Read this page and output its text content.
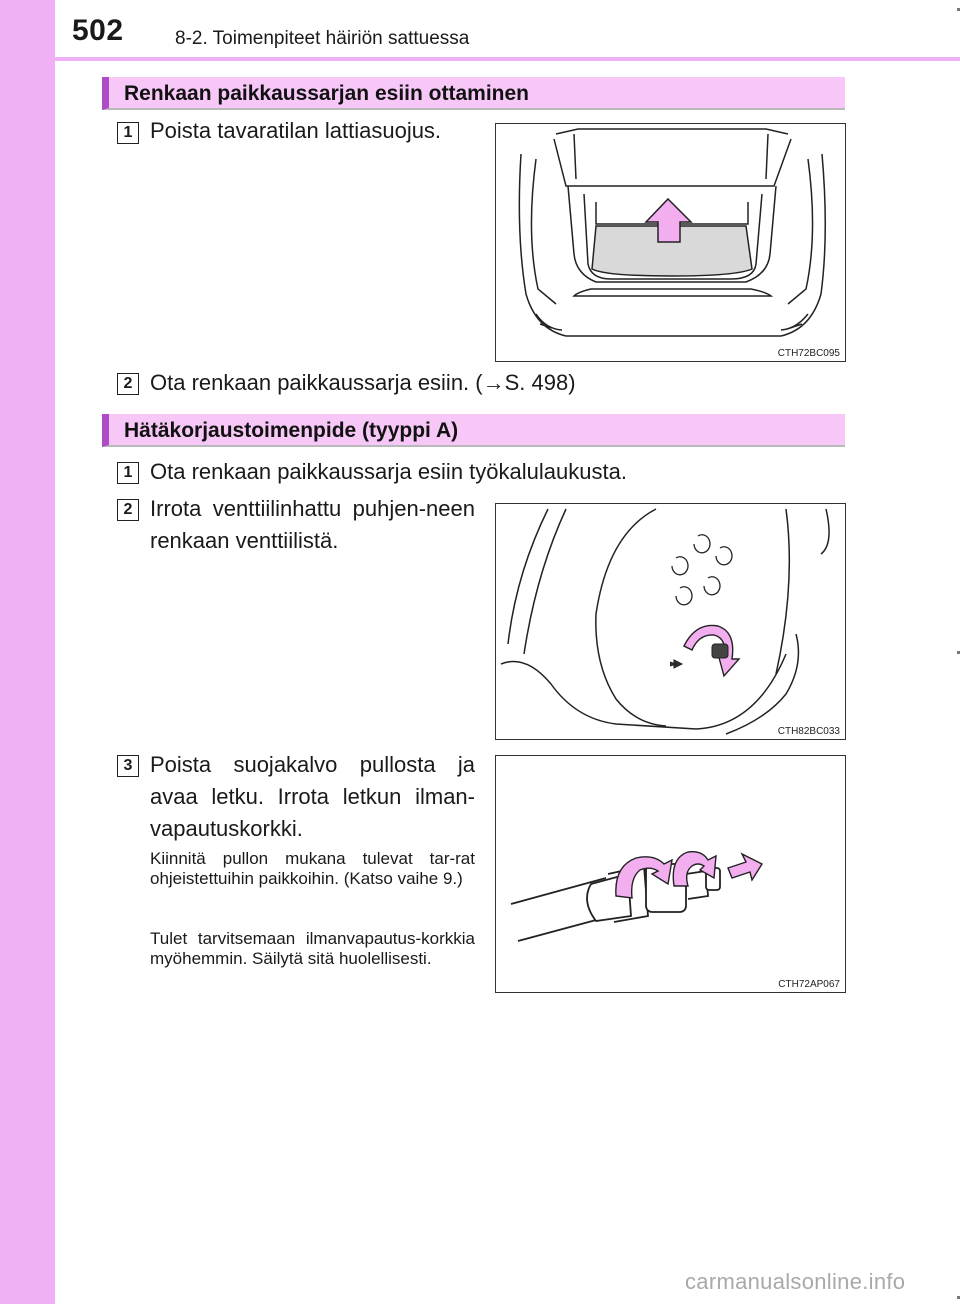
502	8-2. Toimenpiteet häiriön sattuessa
Renkaan paikkaussarjan esiin ottaminen
1 Poista tavaratilan lattiasuojus.
CTH72BC095
2 Ota renkaan paikkaussarja esiin. (→S. 498)
Hätäkorjaustoimenpide (tyyppi A)
1 Ota renkaan paikkaussarja esiin työkalulaukusta.
2 Irrota venttiilinhattu puhjen-neen renkaan venttiilistä.
CTH82BC033
3 Poista suojakalvo pullosta ja avaa letku. Irrota letkun ilman-vapautuskorkki.
Kiinnitä pullon mukana tulevat tar-rat ohjeistettuihin paikkoihin. (Katso vaihe 9.)
Tulet tarvitsemaan ilmanvapautus-korkkia myöhemmin. Säilytä sitä huolellisesti.
CTH72AP067
carmanualsonline.info
